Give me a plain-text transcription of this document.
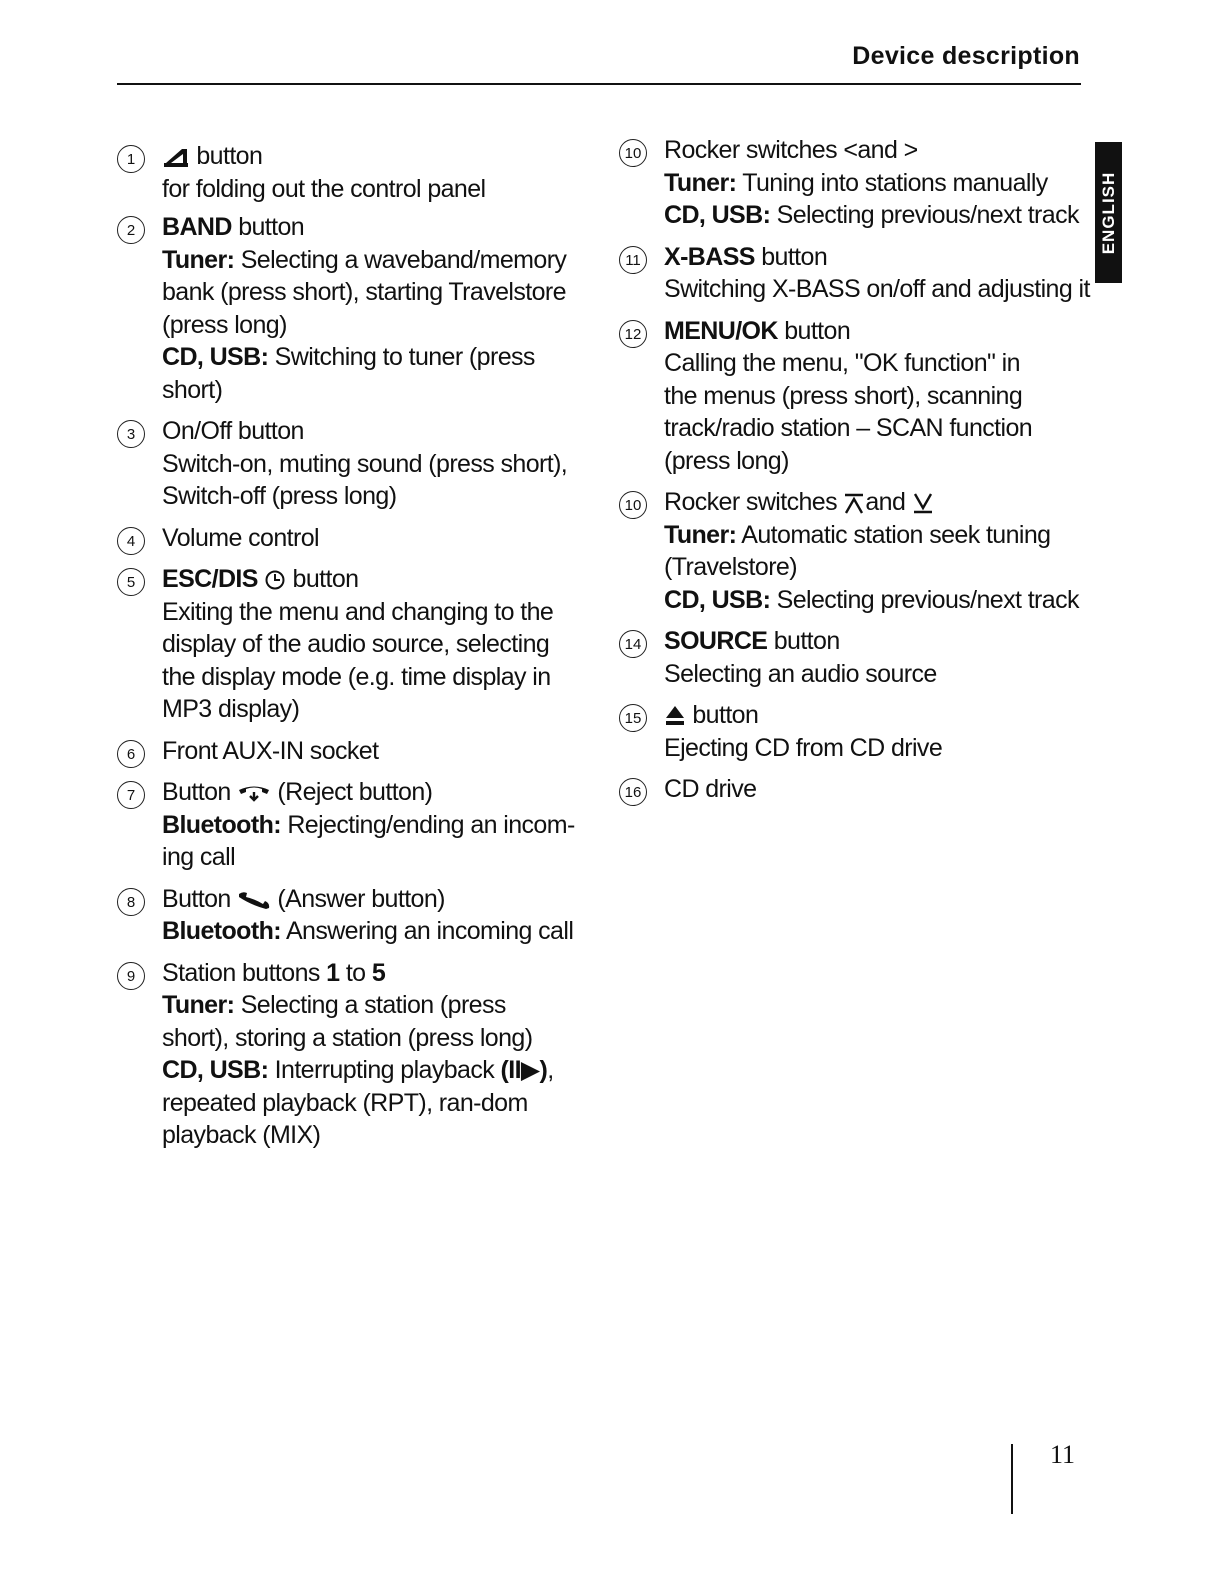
Device description
ENGLISH
1	button
for folding out the control panel
2	BAND button
Tuner: Selecting a waveband/memory bank (press short), starting Travelstore (press long)
CD, USB: Switching to tuner (press short)
3	On/Off button
Switch-on, muting sound (press short), Switch-off (press long)
4	Volume control
5	ESC/DIS button
Exiting the menu and changing to the display of the audio source, selecting the display mode (e.g. time display in MP3 display)
6	Front AUX-IN socket
7	Button (Reject button)
Bluetooth: Rejecting/ending an incom-ing call
8	Button (Answer button)
Bluetooth: Answering an incoming call
9	Station buttons 1 to 5
Tuner: Selecting a station (press short), storing a station (press long)
CD, USB: Interrupting playback (II▶), repeated playback (RPT), ran-dom playback (MIX)
10 Rocker switches <and >
Tuner: Tuning into stations manually
CD, USB: Selecting previous/next track
11 X-BASS button
Switching X-BASS on/off and adjusting it
12 MENU/OK button
Calling the menu, "OK function" in the menus (press short), scanning track/radio station – SCAN function (press long)
10 Rocker switches and
Tuner: Automatic station seek tuning (Travelstore)
CD, USB: Selecting previous/next track
14 SOURCE button
Selecting an audio source
15	button
Ejecting CD from CD drive
16 CD drive
11
